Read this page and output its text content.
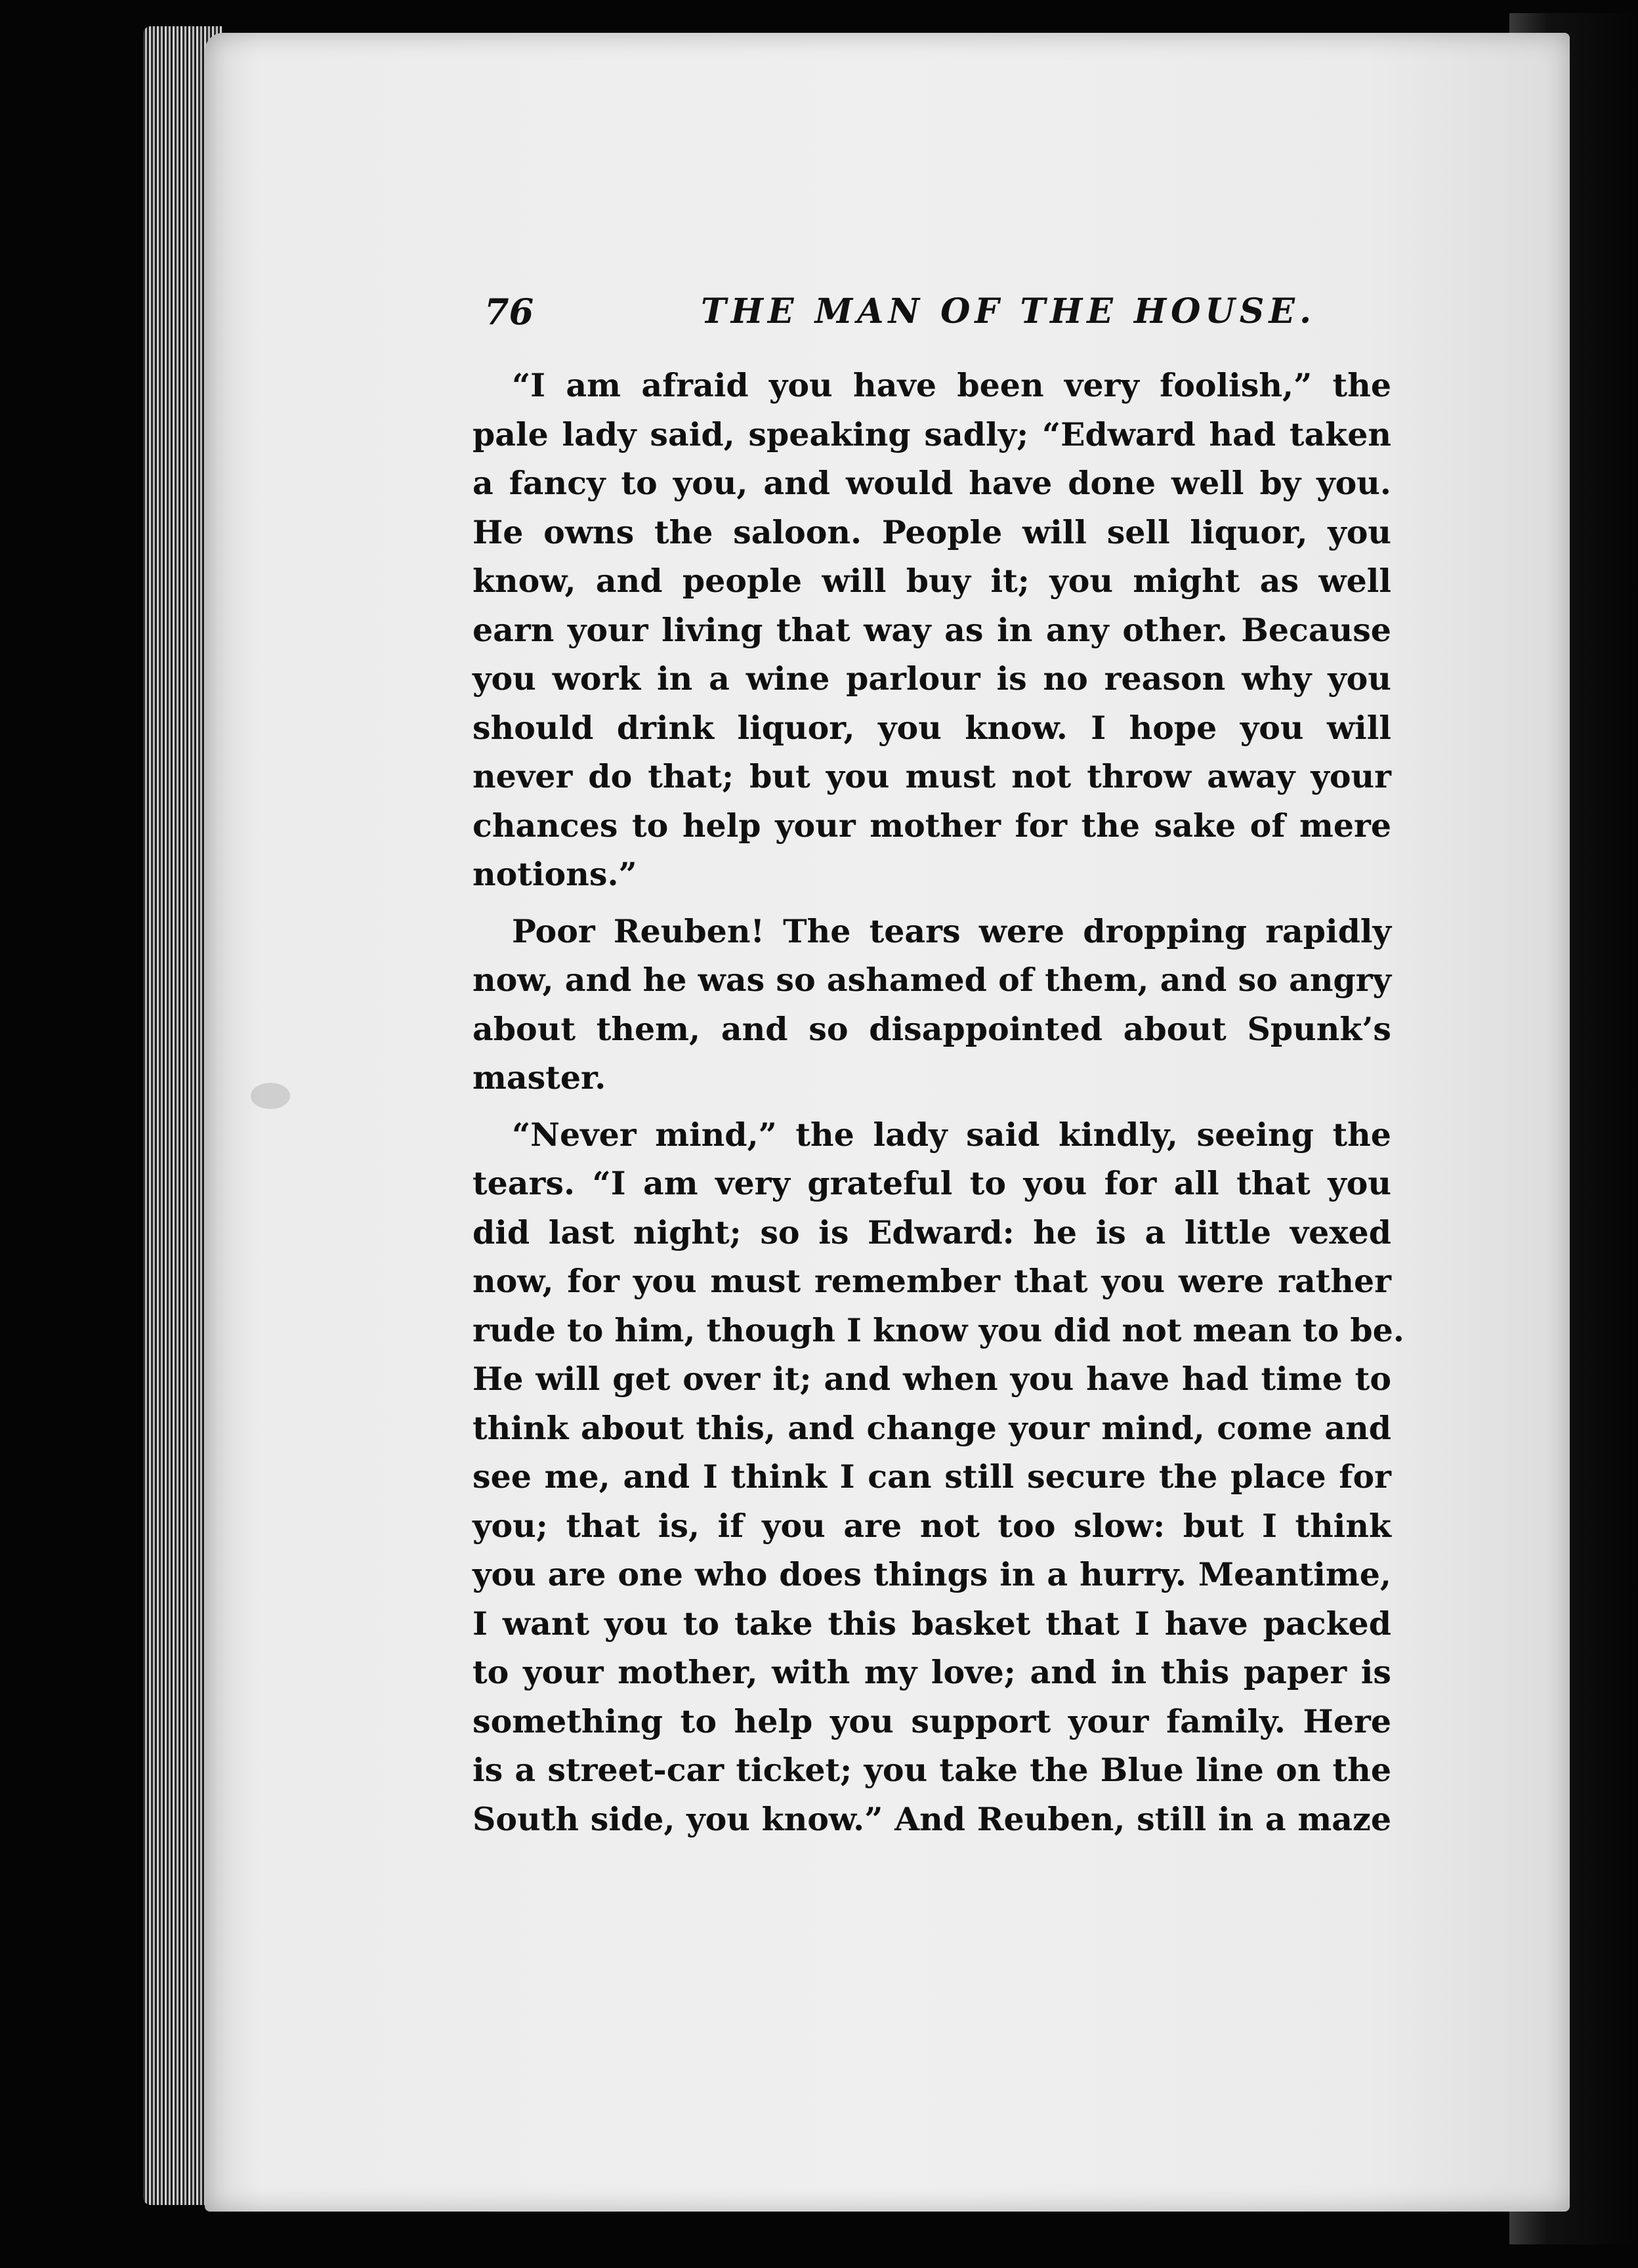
76	THE MAN OF THE HOUSE.
“I am afraid you have been very foolish,” the
pale lady said, speaking sadly; “Edward had taken
a fancy to you, and would have done well by you.
He owns the saloon. People will sell liquor, you
know, and people will buy it; you might as well
earn your living that way as in any other. Because
you work in a wine parlour is no reason why you
should drink liquor, you know. I hope you will
never do that; but you must not throw away your
chances to help your mother for the sake of mere
notions.”
Poor Reuben! The tears were dropping rapidly
now, and he was so ashamed of them, and so angry
about them, and so disappointed about Spunk’s
master.
“Never mind,” the lady said kindly, seeing the
tears. “I am very grateful to you for all that you
did last night; so is Edward: he is a little vexed
now, for you must remember that you were rather
rude to him, though I know you did not mean to be.
He will get over it; and when you have had time to
think about this, and change your mind, come and
see me, and I think I can still secure the place for
you; that is, if you are not too slow: but I think
you are one who does things in a hurry. Meantime,
I want you to take this basket that I have packed
to your mother, with my love; and in this paper is
something to help you support your family. Here
is a street-car ticket; you take the Blue line on the
South side, you know.” And Reuben, still in a maze
